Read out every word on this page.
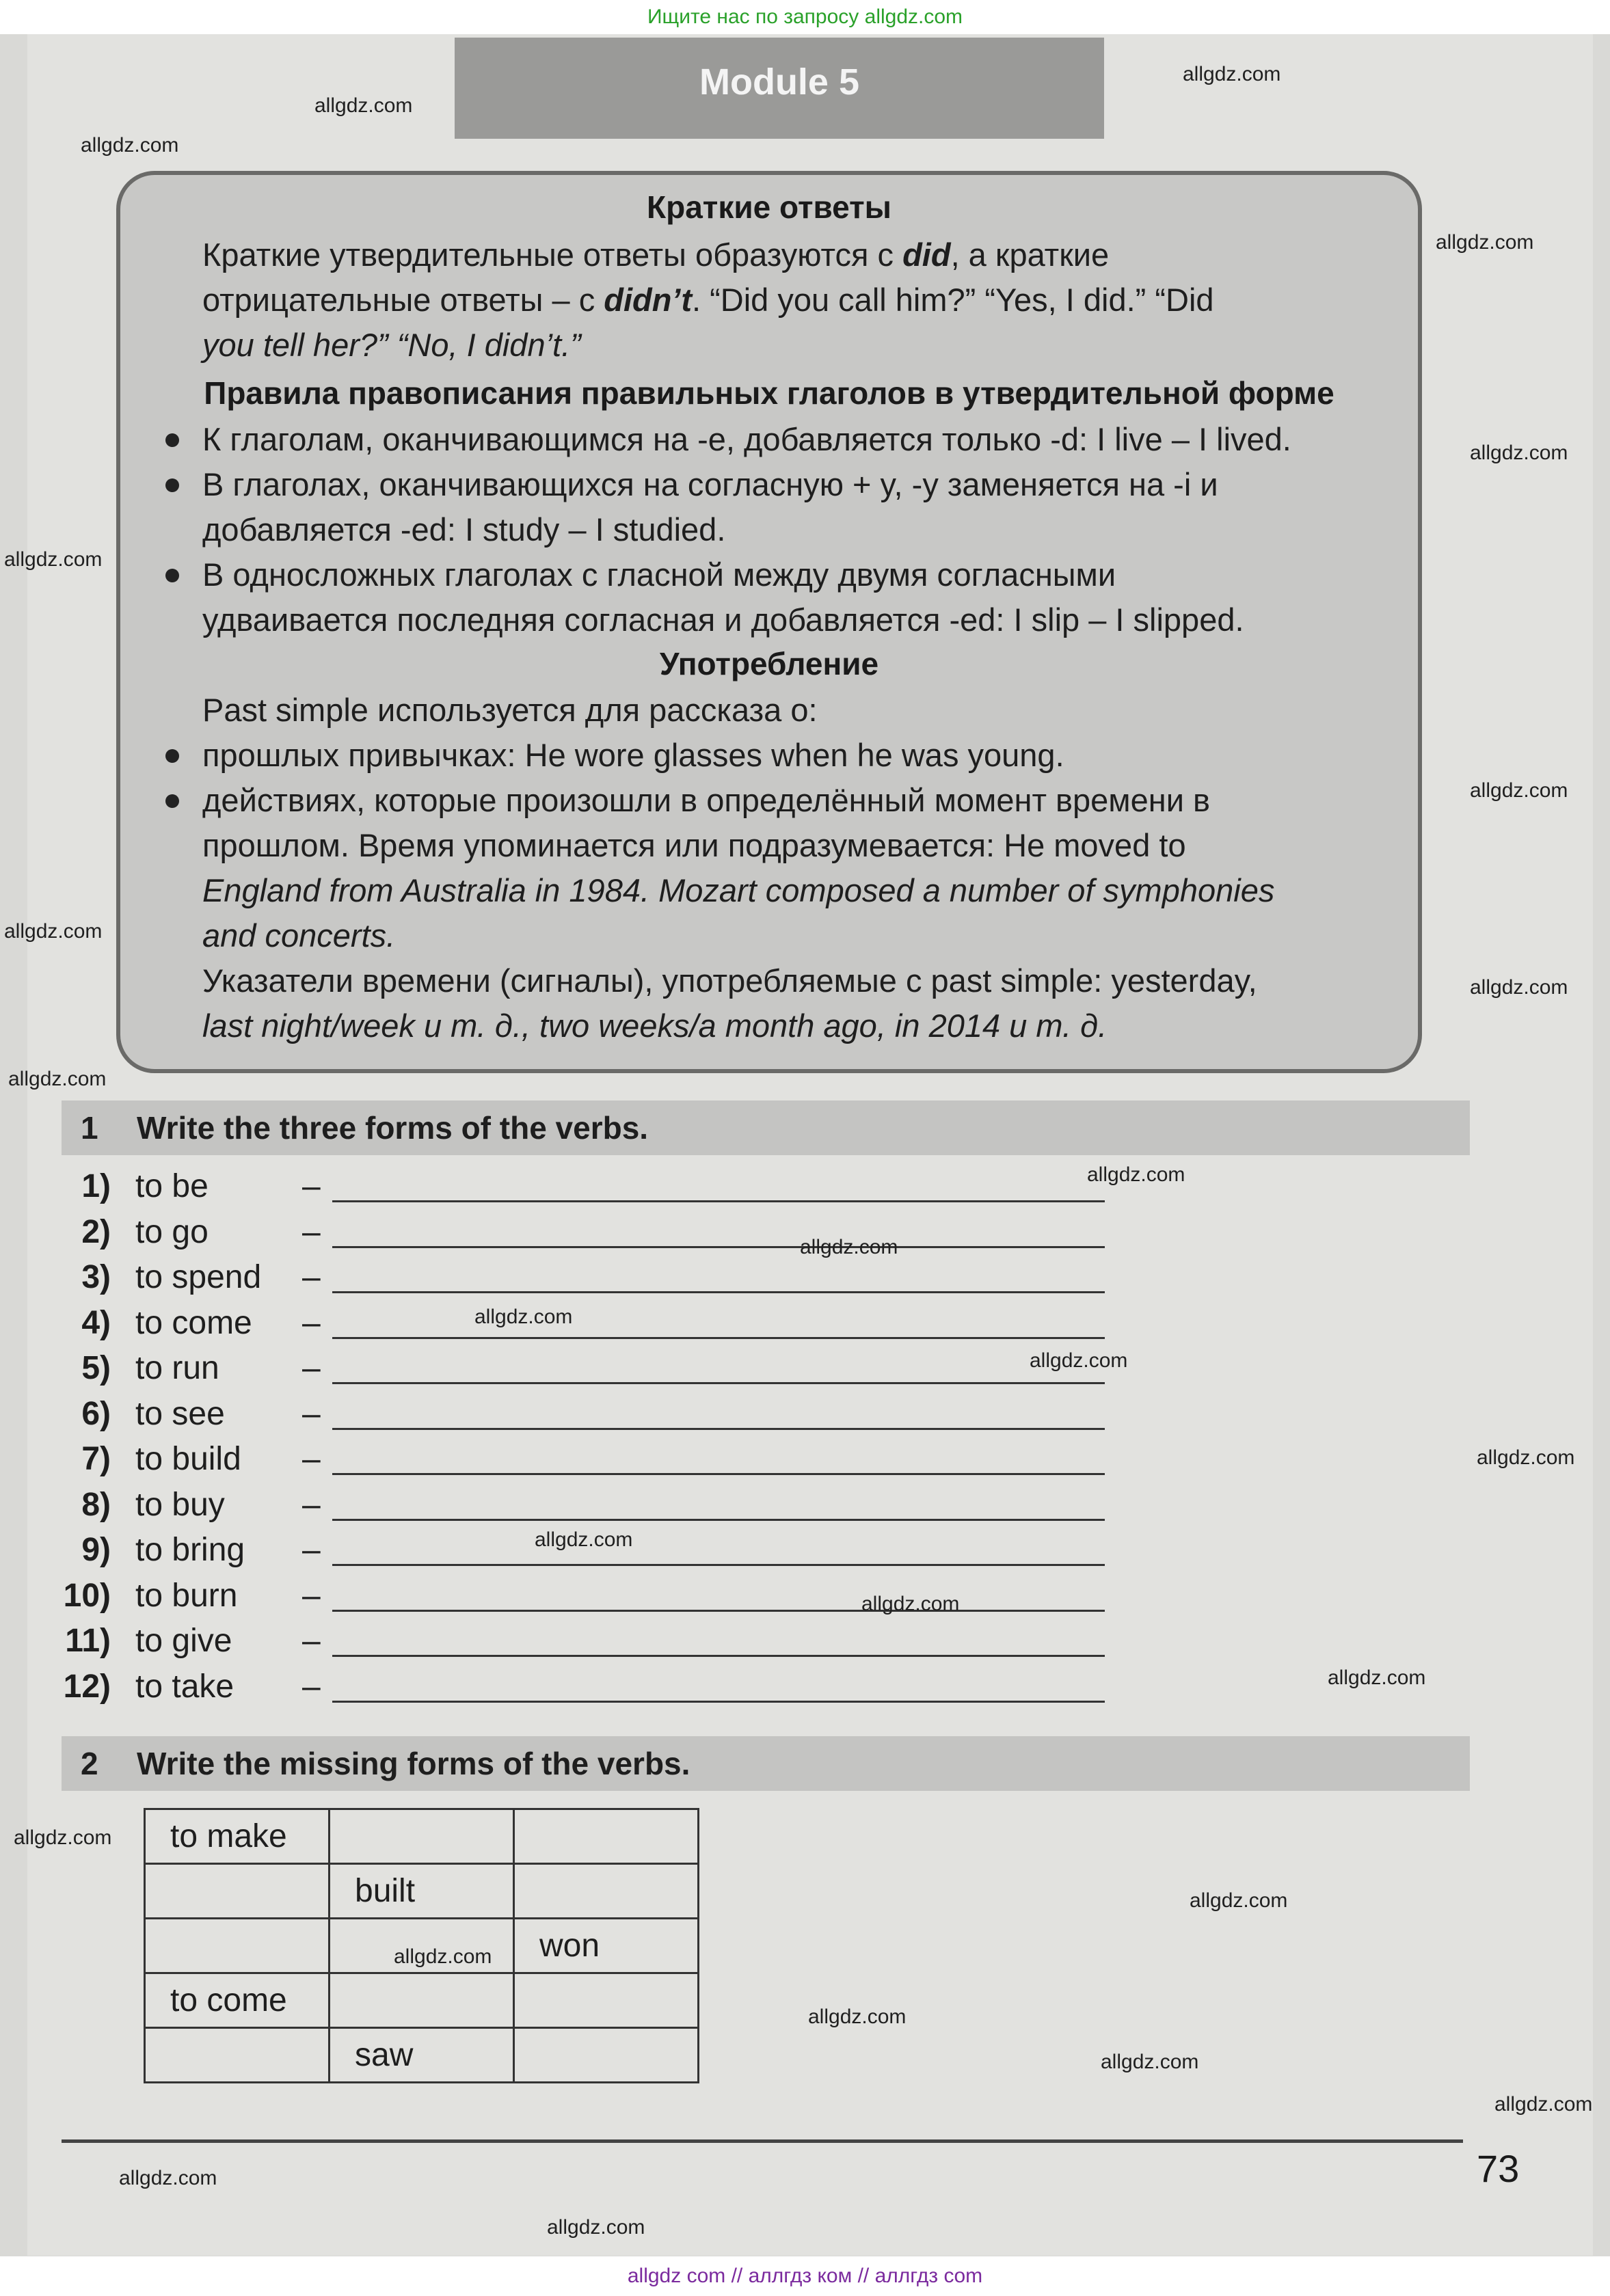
Ищите нас по запросу allgdz.com
Module 5
Краткие ответы
Краткие утвердительные ответы образуются с did, а краткие
отрицательные ответы – с didn’t. “Did you call him?” “Yes, I did.” “Did
you tell her?” “No, I didn’t.”
Правила правописания правильных глаголов в утвердительной форме
К глаголам, оканчивающимся на -e, добавляется только -d: I live – I lived.
В глаголах, оканчивающихся на согласную + y, -y заменяется на -i и
добавляется -ed: I study – I studied.
В односложных глаголах с гласной между двумя согласными
удваивается последняя согласная и добавляется -ed: I slip – I slipped.
Употребление
Past simple используется для рассказа о:
прошлых привычках: He wore glasses when he was young.
действиях, которые произошли в определённый момент времени в
прошлом. Время упоминается или подразумевается: He moved to
England from Australia in 1984. Mozart composed a number of symphonies
and concerts.
Указатели времени (сигналы), употребляемые с past simple: yesterday,
last night/week и т. д., two weeks/a month ago, in 2014 и т. д.
1 Write the three forms of the verbs.
1) to be	–
2) to go	–
3) to spend –
4) to come –
5) to run	–
6) to see –
7) to build –
8) to buy –
9) to bring –
10) to burn –
11) to give –
12) to take –
2 Write the missing forms of the verbs.
to make		
	built	
		won
to come		
	saw	
73
allgdz.com
allgdz.com
allgdz.com
allgdz.com
allgdz.com
allgdz.com
allgdz.com
allgdz.com
allgdz.com
allgdz.com
allgdz.com
allgdz.com
allgdz.com
allgdz.com
allgdz.com
allgdz.com
allgdz.com
allgdz.com
allgdz.com
allgdz.com
allgdz.com
allgdz.com
allgdz.com
allgdz.com
allgdz.com
allgdz.com
allgdz com // аллгдз ком // аллгдз com
